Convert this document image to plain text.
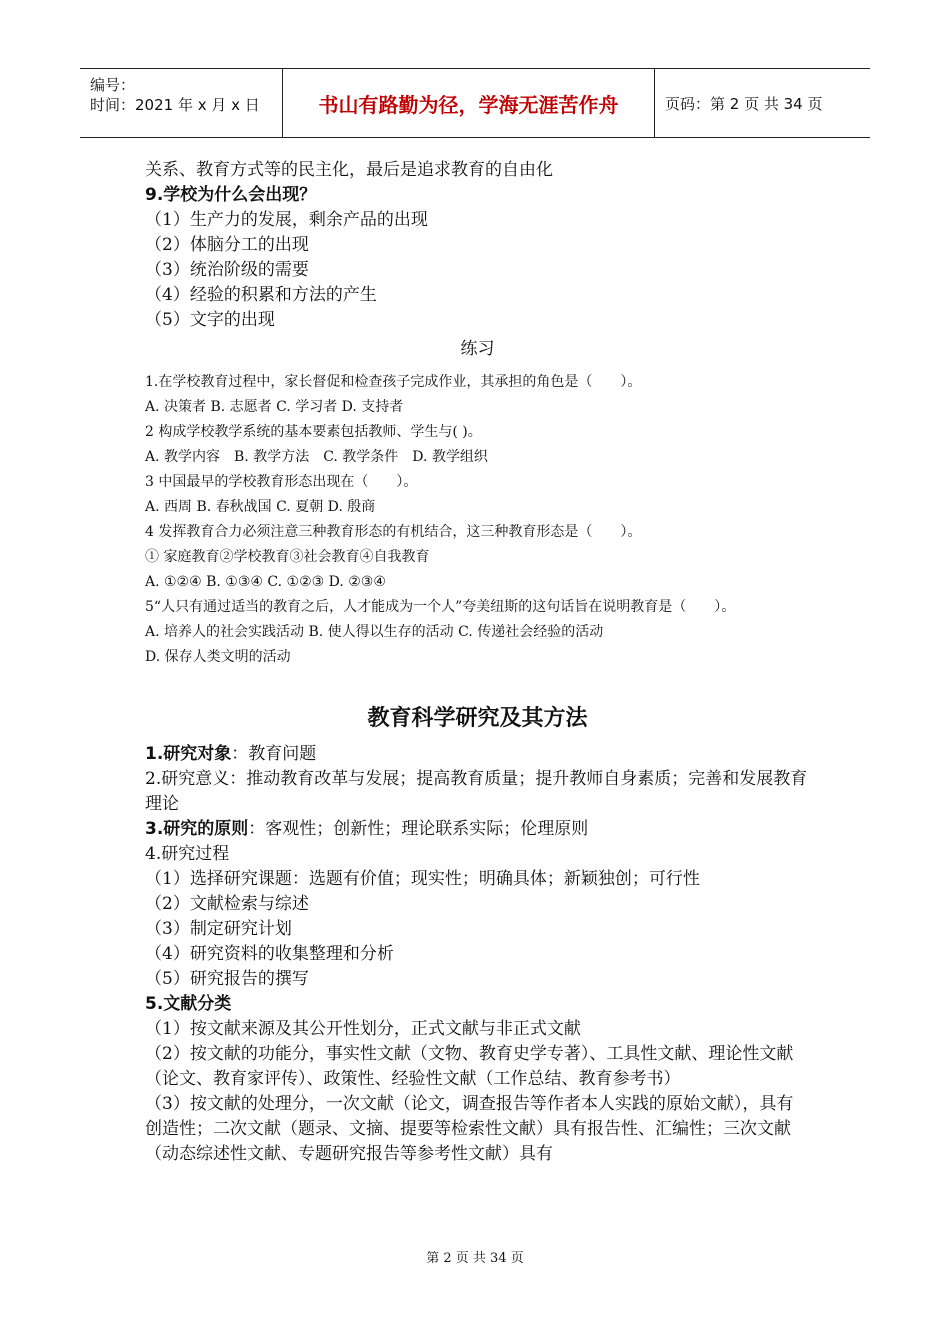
编号：
时间：2021 年 x 月 x 日	书山有路勤为径，学海无涯苦作舟	页码：第 2 页 共 34 页
关系、教育方式等的民主化，最后是追求教育的自由化
9.学校为什么会出现？
（1）生产力的发展，剩余产品的出现
（2）体脑分工的出现
（3）统治阶级的需要
（4）经验的积累和方法的产生
（5）文字的出现
练习
1.在学校教育过程中，家长督促和检查孩子完成作业，其承担的角色是（　　）。
A. 决策者 B. 志愿者 C. 学习者 D. 支持者
2 构成学校教学系统的基本要素包括教师、学生与( )。
A. 教学内容　B. 教学方法　C. 教学条件　D. 教学组织
3 中国最早的学校教育形态出现在（　　）。
A. 西周 B. 春秋战国 C. 夏朝 D. 殷商
4 发挥教育合力必须注意三种教育形态的有机结合，这三种教育形态是（　　）。
① 家庭教育②学校教育③社会教育④自我教育
A. ①②④ B. ①③④ C. ①②③ D. ②③④
5“人只有通过适当的教育之后，人才能成为一个人”夸美纽斯的这句话旨在说明教育是（　　）。
A. 培养人的社会实践活动 B. 使人得以生存的活动 C. 传递社会经验的活动
D. 保存人类文明的活动
教育科学研究及其方法
1.研究对象：教育问题
2.研究意义：推动教育改革与发展；提高教育质量；提升教师自身素质；完善和发展教育理论
3.研究的原则：客观性；创新性；理论联系实际；伦理原则
4.研究过程
（1）选择研究课题：选题有价值；现实性；明确具体；新颖独创；可行性
（2）文献检索与综述
（3）制定研究计划
（4）研究资料的收集整理和分析
（5）研究报告的撰写
5.文献分类
（1）按文献来源及其公开性划分，正式文献与非正式文献
（2）按文献的功能分，事实性文献（文物、教育史学专著）、工具性文献、理论性文献（论文、教育家评传）、政策性、经验性文献（工作总结、教育参考书）
（3）按文献的处理分，一次文献（论文，调查报告等作者本人实践的原始文献），具有创造性；二次文献（题录、文摘、提要等检索性文献）具有报告性、汇编性；三次文献（动态综述性文献、专题研究报告等参考性文献）具有
第 2 页 共 34 页
